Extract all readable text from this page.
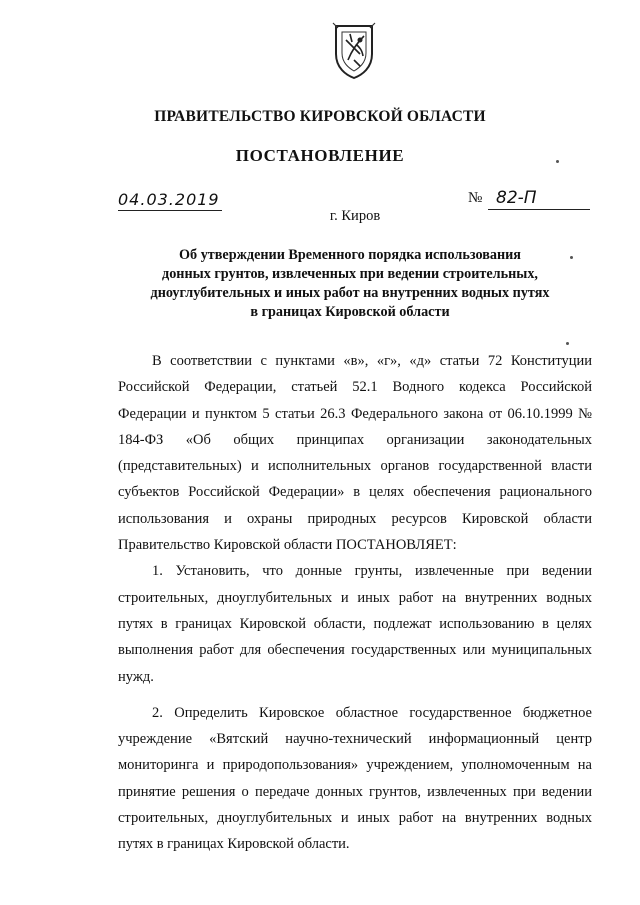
ПРАВИТЕЛЬСТВО КИРОВСКОЙ ОБЛАСТИ
ПОСТАНОВЛЕНИЕ
04.03.2019	№ 82-П
г. Киров
Об утверждении Временного порядка использования
донных грунтов, извлеченных при ведении строительных,
дноуглубительных и иных работ на внутренних водных путях
в границах Кировской области

В соответствии с пунктами «в», «г», «д» статьи 72 Конституции Российской Федерации, статьей 52.1 Водного кодекса Российской Федерации и пунктом 5 статьи 26.3 Федерального закона от 06.10.1999 № 184-ФЗ «Об общих принципах организации законодательных (представительных) и исполнительных органов государственной власти субъектов Российской Федерации» в целях обеспечения рационального использования и охраны природных ресурсов Кировской области Правительство Кировской области ПОСТАНОВЛЯЕТ:

1. Установить, что донные грунты, извлеченные при ведении строительных, дноуглубительных и иных работ на внутренних водных путях в границах Кировской области, подлежат использованию в целях выполнения работ для обеспечения государственных или муниципальных нужд.

2. Определить Кировское областное государственное бюджетное учреждение «Вятский научно-технический информационный центр мониторинга и природопользования» учреждением, уполномоченным на принятие решения о передаче донных грунтов, извлеченных при ведении строительных, дноуглубительных и иных работ на внутренних водных путях в границах Кировской области.
